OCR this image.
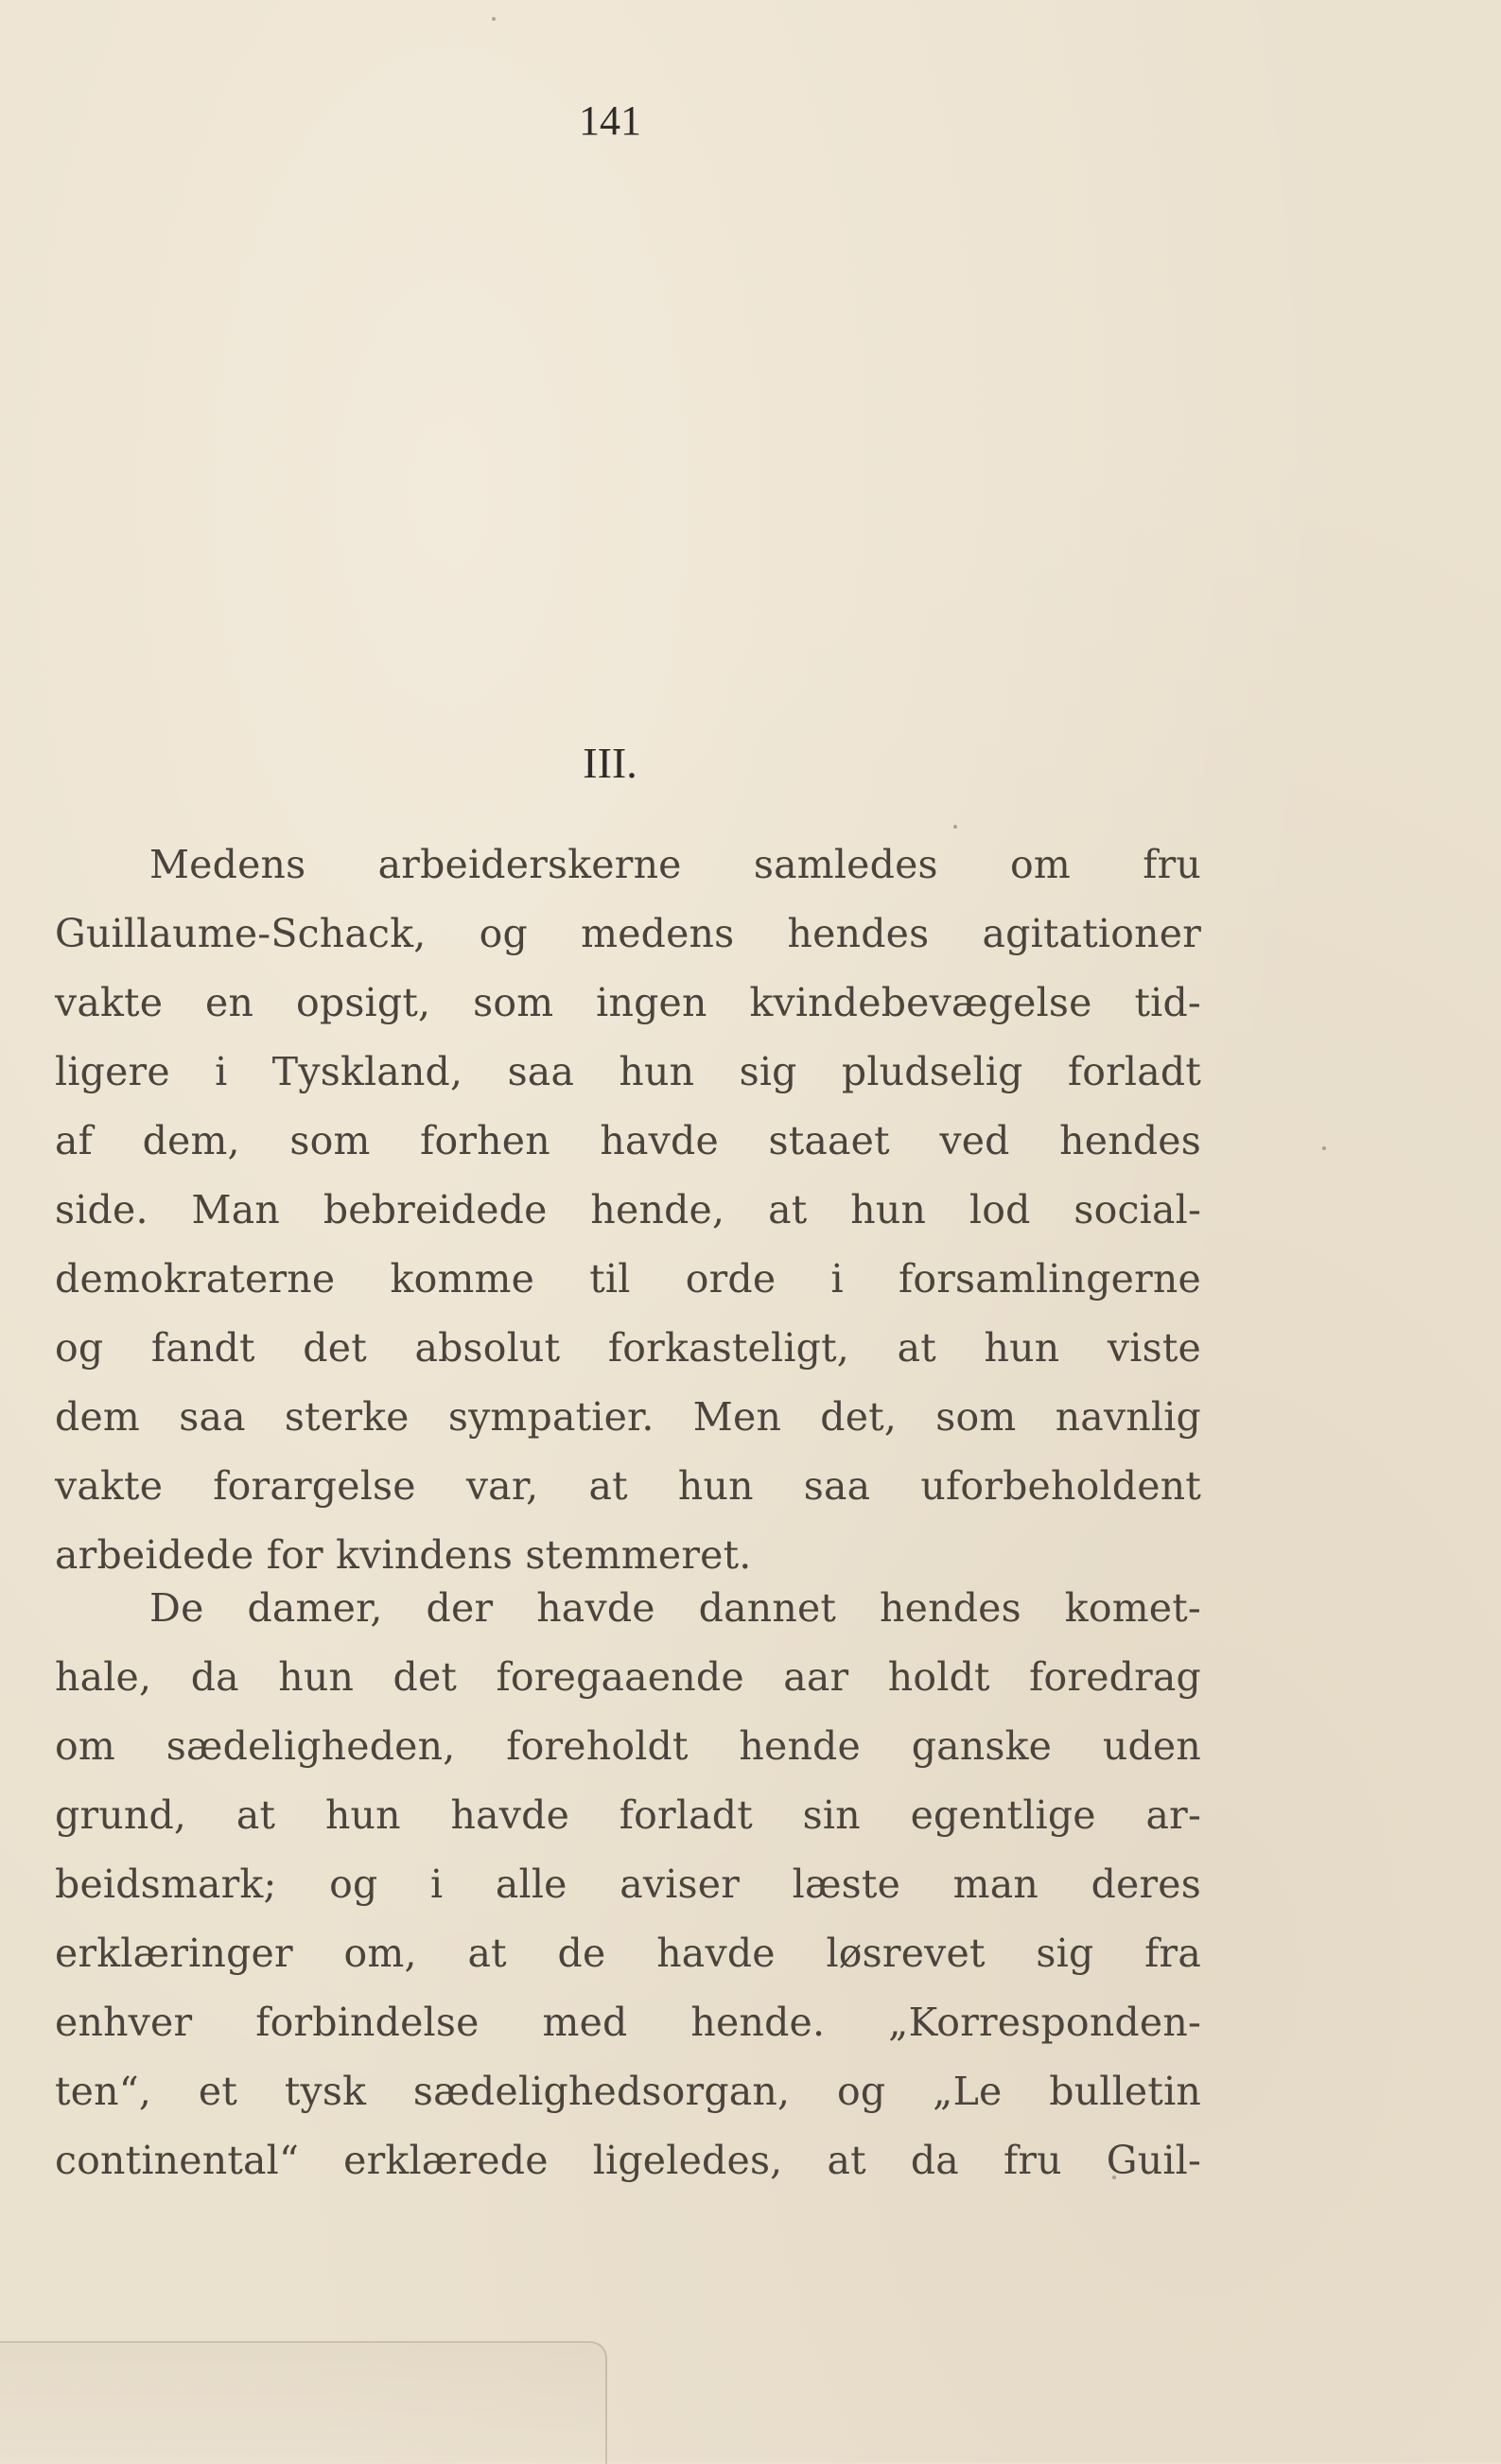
141
III.
Medens arbeiderskerne samledes om fru
Guillaume-Schack, og medens hendes agitationer
vakte en opsigt, som ingen kvindebevægelse tid-
ligere i Tyskland, saa hun sig pludselig forladt
af dem, som forhen havde staaet ved hendes
side. Man bebreidede hende, at hun lod social-
demokraterne komme til orde i forsamlingerne
og fandt det absolut forkasteligt, at hun viste
dem saa sterke sympatier. Men det, som navnlig
vakte forargelse var, at hun saa uforbeholdent
arbeidede for kvindens stemmeret.
De damer, der havde dannet hendes komet-
hale, da hun det foregaaende aar holdt foredrag
om sædeligheden, foreholdt hende ganske uden
grund, at hun havde forladt sin egentlige ar-
beidsmark; og i alle aviser læste man deres
erklæringer om, at de havde løsrevet sig fra
enhver forbindelse med hende. „Korresponden-
ten“, et tysk sædelighedsorgan, og „Le bulletin
continental“ erklærede ligeledes, at da fru Guil-
